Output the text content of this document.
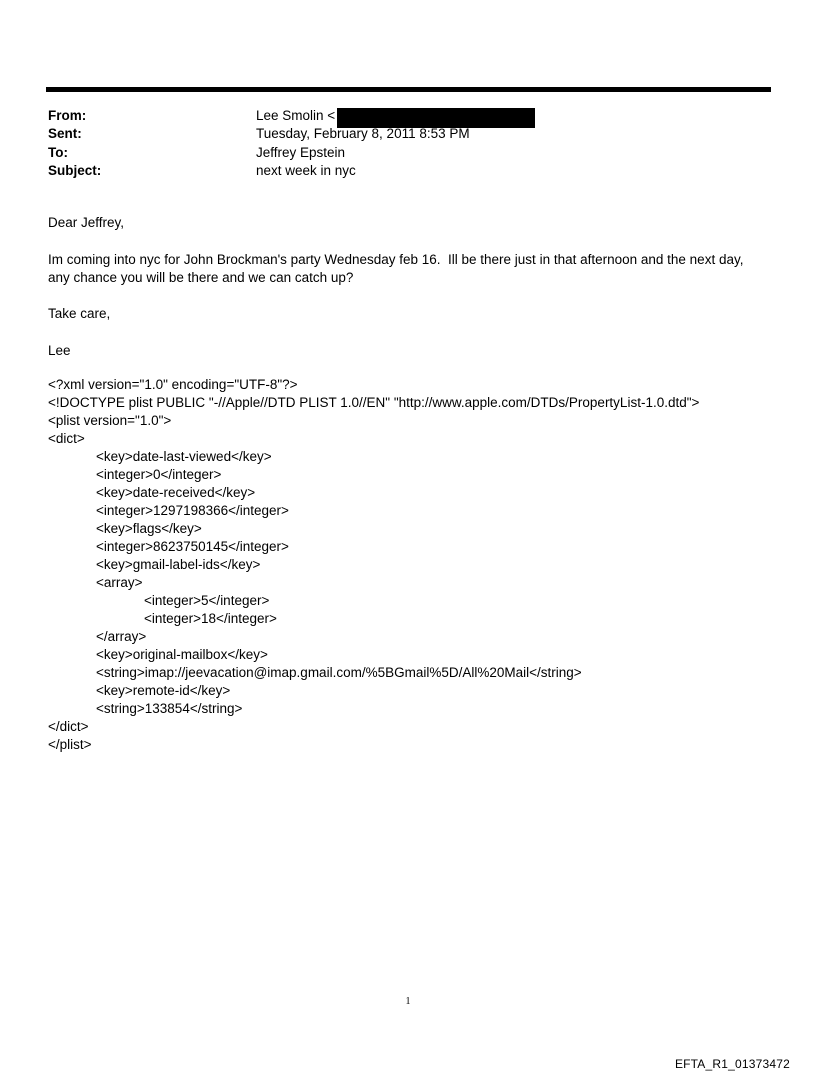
From:	Lee Smolin <
Sent:	Tuesday, February 8, 2011 8:53 PM
To:	Jeffrey Epstein
Subject:	next week in nyc

Dear Jeffrey,

Im coming into nyc for John Brockman's party Wednesday feb 16.  Ill be there just in that afternoon and the next day, any chance you will be there and we can catch up?

Take care,

Lee

<?xml version="1.0" encoding="UTF-8"?>
<!DOCTYPE plist PUBLIC "-//Apple//DTD PLIST 1.0//EN" "http://www.apple.com/DTDs/PropertyList-1.0.dtd">
<plist version="1.0">
<dict>
<key>date-last-viewed</key>
<integer>0</integer>
<key>date-received</key>
<integer>1297198366</integer>
<key>flags</key>
<integer>8623750145</integer>
<key>gmail-label-ids</key>
<array>
<integer>5</integer>
<integer>18</integer>
</array>
<key>original-mailbox</key>
<string>imap://jeevacation@imap.gmail.com/%5BGmail%5D/All%20Mail</string>
<key>remote-id</key>
<string>133854</string>
</dict>
</plist>
1
EFTA_R1_01373472
